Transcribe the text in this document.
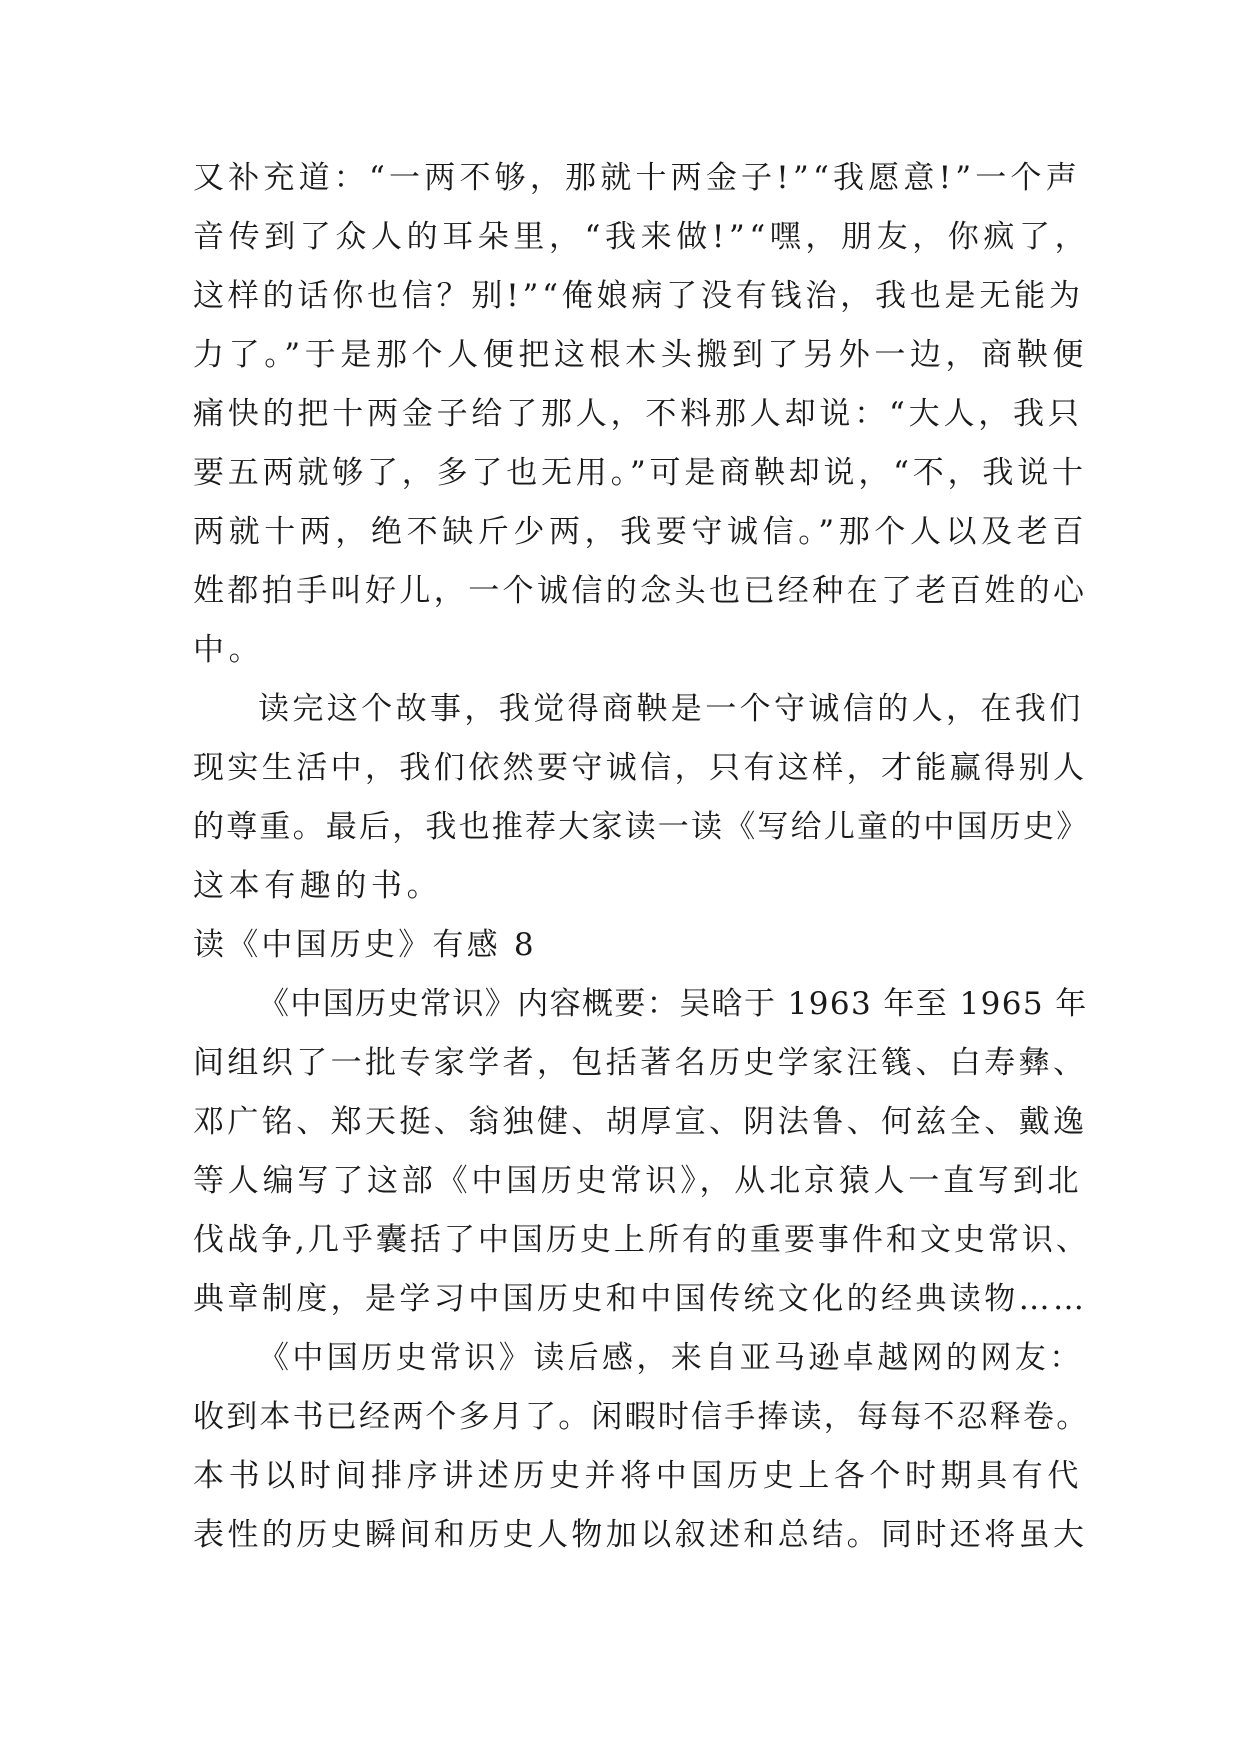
又补充道：“一两不够，那就十两金子!”“我愿意!”一个声
音传到了众人的耳朵里，“我来做!”“嘿，朋友，你疯了，
这样的话你也信？别!”“俺娘病了没有钱治，我也是无能为
力了。”于是那个人便把这根木头搬到了另外一边，商鞅便
痛快的把十两金子给了那人，不料那人却说：“大人，我只
要五两就够了，多了也无用。”可是商鞅却说，“不，我说十
两就十两，绝不缺斤少两，我要守诚信。”那个人以及老百
姓都拍手叫好儿，一个诚信的念头也已经种在了老百姓的心
中。
读完这个故事，我觉得商鞅是一个守诚信的人，在我们
现实生活中，我们依然要守诚信，只有这样，才能赢得别人
的尊重。最后，我也推荐大家读一读《写给儿童的中国历史》
这本有趣的书。
读《中国历史》有感 8
《中国历史常识》内容概要：吴晗于 1963 年至 1965 年
间组织了一批专家学者，包括著名历史学家汪篯、白寿彝、
邓广铭、郑天挺、翁独健、胡厚宣、阴法鲁、何兹全、戴逸
等人编写了这部《中国历史常识》，从北京猿人一直写到北
伐战争,几乎囊括了中国历史上所有的重要事件和文史常识、
典章制度，是学习中国历史和中国传统文化的经典读物……
《中国历史常识》读后感，来自亚马逊卓越网的网友：
收到本书已经两个多月了。闲暇时信手捧读，每每不忍释卷。
本书以时间排序讲述历史并将中国历史上各个时期具有代
表性的历史瞬间和历史人物加以叙述和总结。同时还将虽大
